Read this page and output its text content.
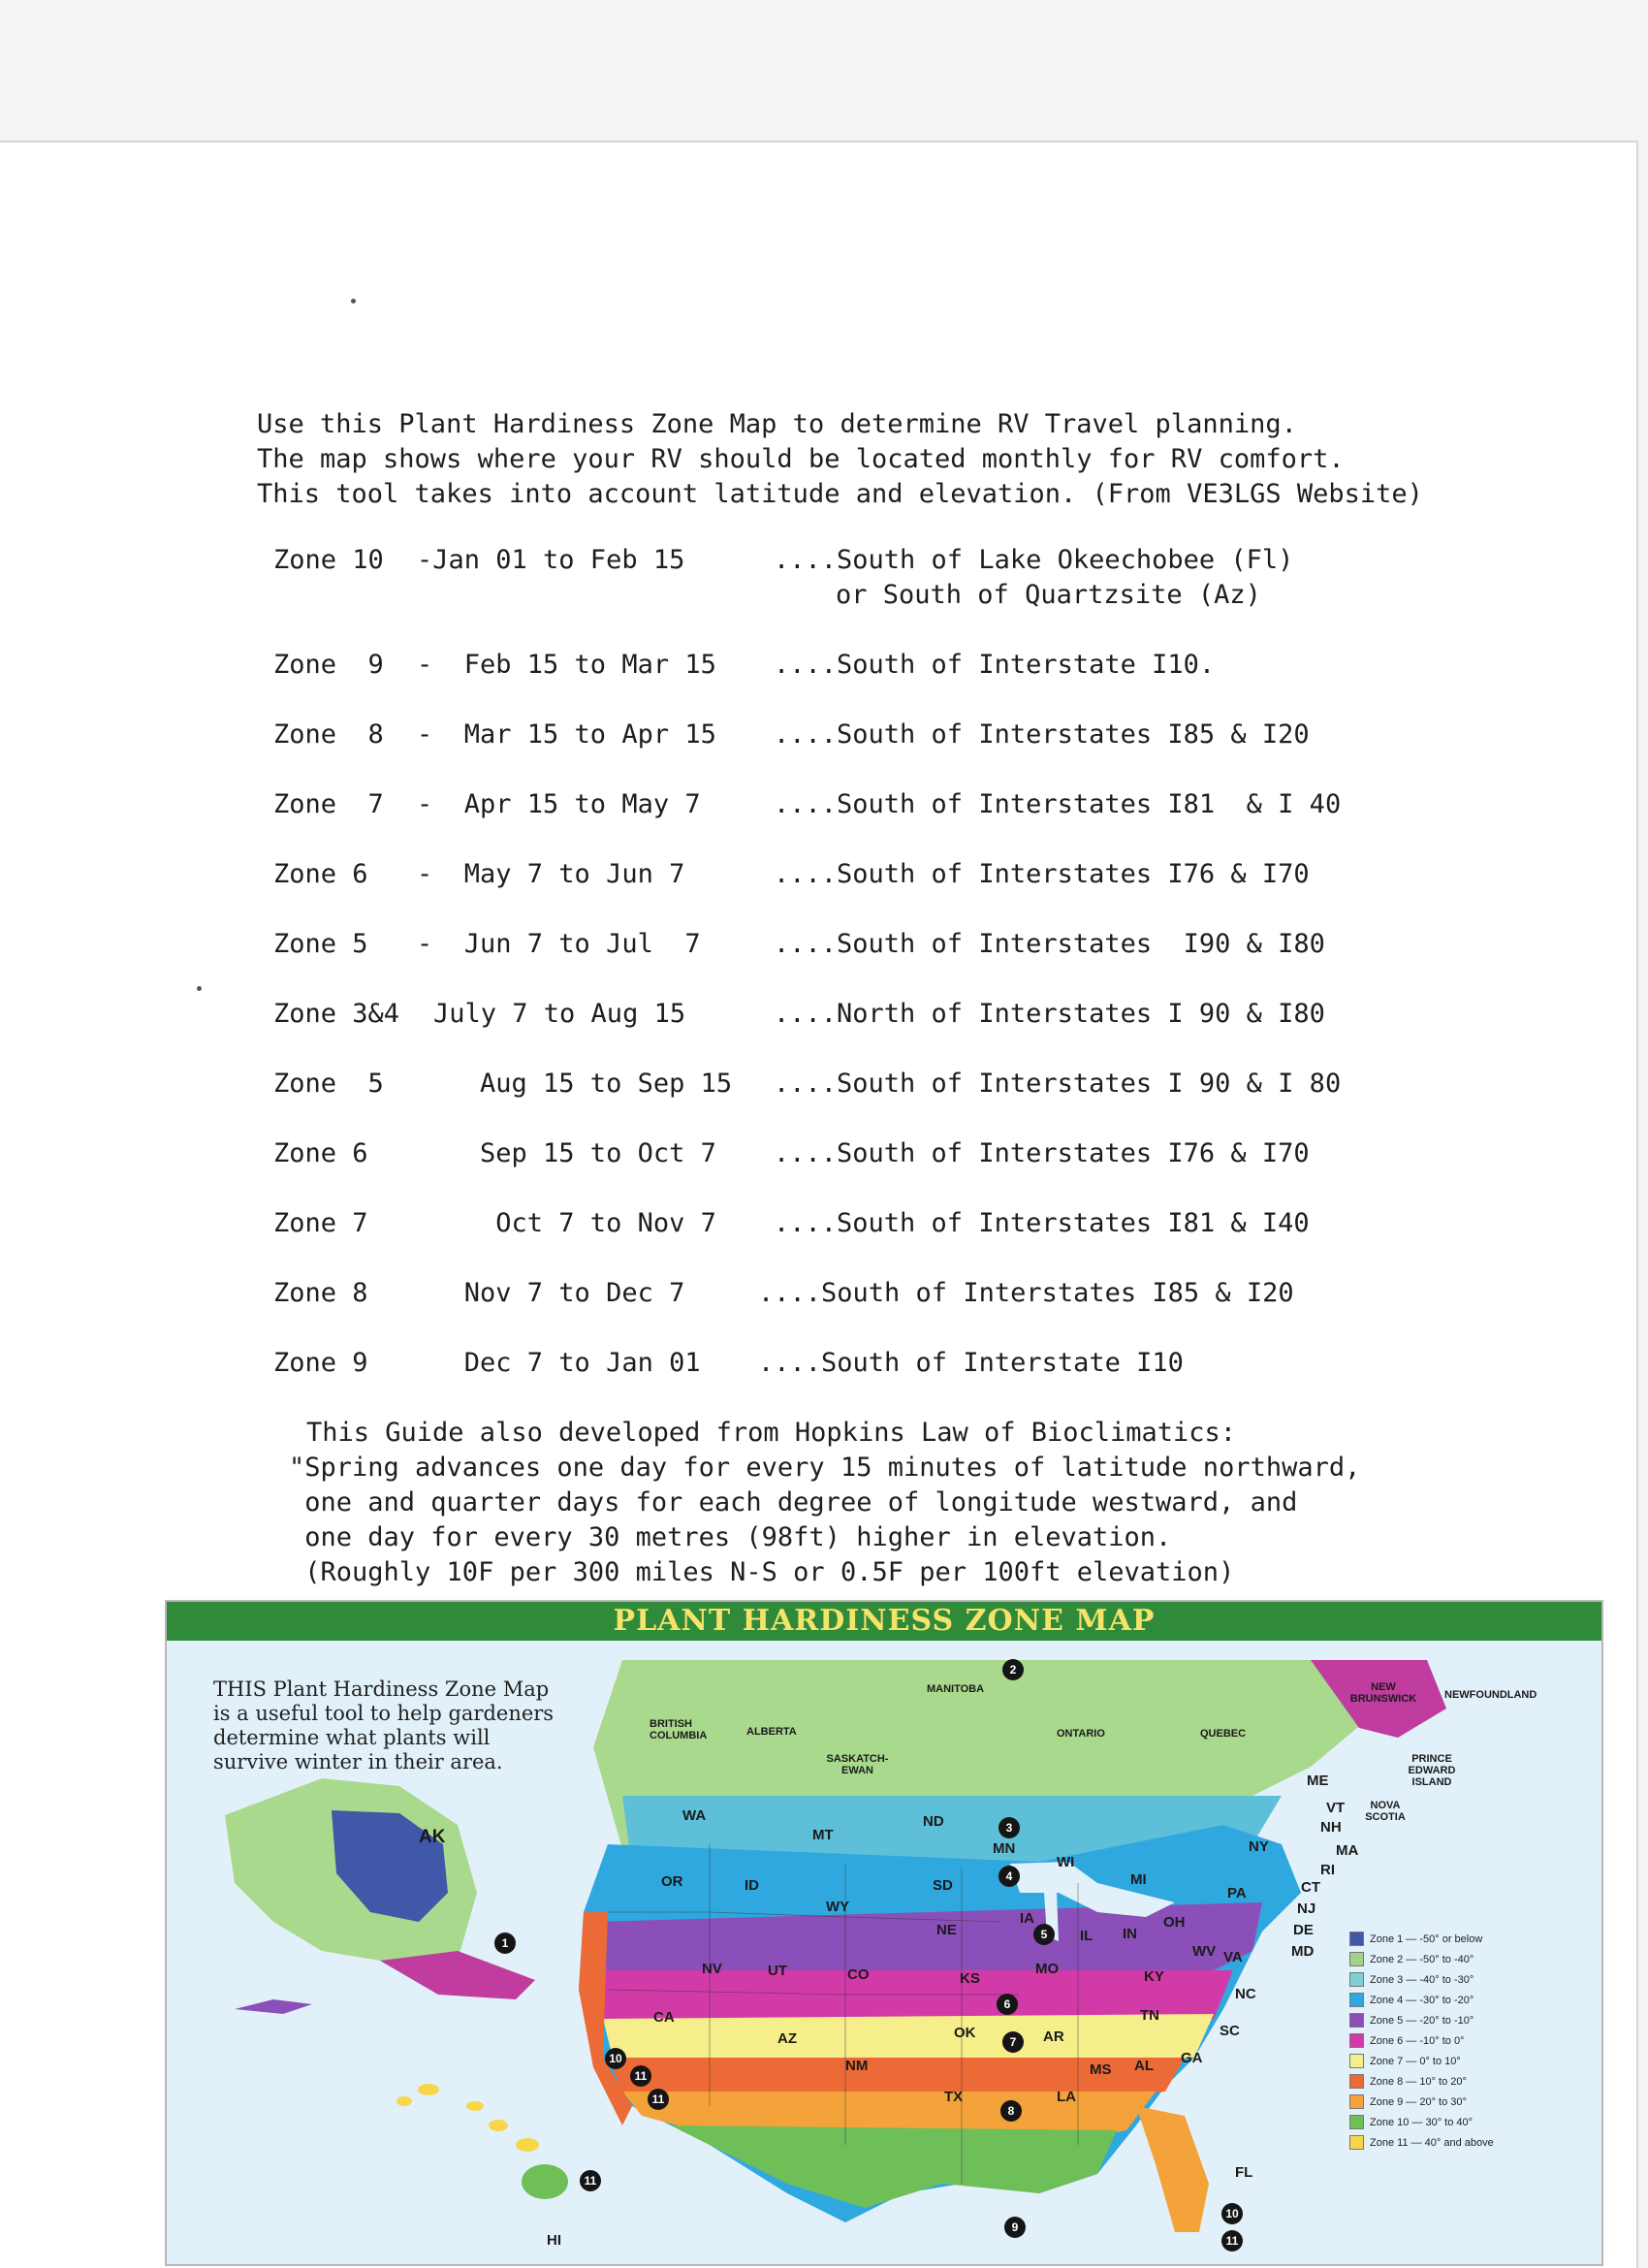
Use this Plant Hardiness Zone Map to determine RV Travel planning.
The map shows where your RV should be located monthly for RV comfort.
This tool takes into account latitude and elevation. (From VE3LGS Website)
Zone 10 -Jan 01 to Feb 15	....South of Lake Okeechobee (Fl)
or South of Quartzsite (Az)
Zone  9 -  Feb 15 to Mar 15 ....South of Interstate I10.
Zone  8 -  Mar 15 to Apr 15 ....South of Interstates I85 & I20
Zone  7 -  Apr 15 to May 7	....South of Interstates I81  & I 40
Zone 6 -  May 7 to Jun 7	....South of Interstates I76 & I70
Zone 5 -  Jun 7 to Jul  7	....South of Interstates  I90 & I80
Zone 3&4 July 7 to Aug 15	....North of Interstates I 90 & I80
Zone  5 Aug 15 to Sep 15 ....South of Interstates I 90 & I 80
Zone 6 Sep 15 to Oct 7 ....South of Interstates I76 & I70
Zone 7 Oct 7 to Nov 7 ....South of Interstates I81 & I40
Zone 8 Nov 7 to Dec 7	....South of Interstates I85 & I20
Zone 9 Dec 7 to Jan 01 ....South of Interstate I10
This Guide also developed from Hopkins Law of Bioclimatics:
"Spring advances one day for every 15 minutes of latitude northward,
one and quarter days for each degree of longitude westward, and
one day for every 30 metres (98ft) higher in elevation.
(Roughly 10F per 300 miles N-S or 0.5F per 100ft elevation)
PLANT HARDINESS ZONE MAP
THIS Plant Hardiness Zone Map is a useful tool to help gardeners determine what plants will survive winter in their area.
BRITISH COLUMBIA	ALBERTA
SASKATCH-EWAN
MANITOBA
ONTARIO	QUEBEC
NEW BRUNSWICK	NEWFOUNDLAND
PRINCE EDWARD ISLAND
NOVA SCOTIA
AK
HI
WA
OR
CA
NV
ID
MT
WY
UT
AZ
CO
NM
ND
SD
NE
KS
OK
TX
MN
IA
MO
AR
LA
WI
IL
MS
MI
IN
KY
TN
AL
OH
GA
FL
SC
NC
VA
WV
PA
NY
MD
DE
NJ
CT
RI
MA
VT
NH
ME
1
2
3
4
5
6
7
8
9
10
10
11
11
11
11
Zone 1 — -50° or below
Zone 2 — -50° to -40°
Zone 3 — -40° to -30°
Zone 4 — -30° to -20°
Zone 5 — -20° to -10°
Zone 6 — -10° to 0°
Zone 7 — 0° to 10°
Zone 8 — 10° to 20°
Zone 9 — 20° to 30°
Zone 10 — 30° to 40°
Zone 11 — 40° and above
